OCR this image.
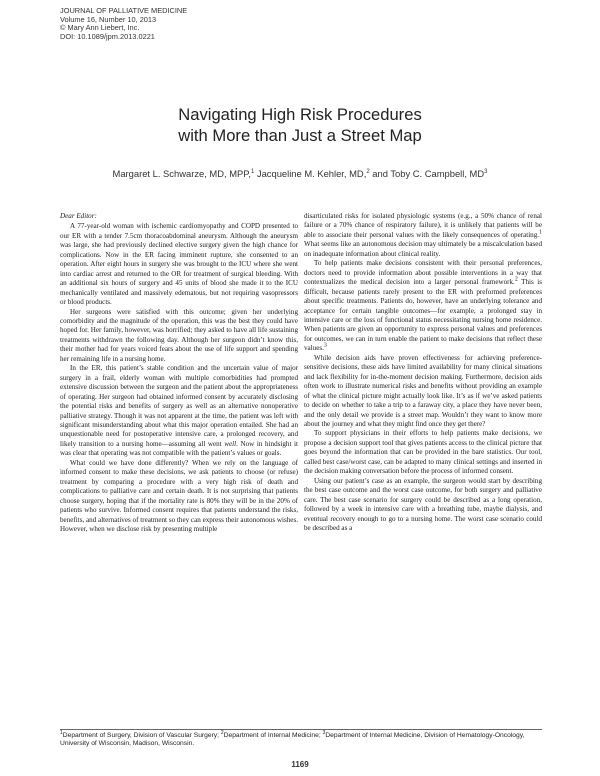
JOURNAL OF PALLIATIVE MEDICINE
Volume 16, Number 10, 2013
© Mary Ann Liebert, Inc.
DOI: 10.1089/jpm.2013.0221
Navigating High Risk Procedures
with More than Just a Street Map
Margaret L. Schwarze, MD, MPP,$^1$ Jacqueline M. Kehler, MD,$^2$ and Toby C. Campbell, $MD^3$

Dear Editor:

A 77-year-old woman with ischemic cardiomyopathy and COPD presented to our ER with a tender 7.5cm thoracoabdominal aneurysm. Although the aneurysm was large, she had previously declined elective surgery given the high chance for complications. Now in the ER facing imminent rupture, she consented to an operation. After eight hours in surgery she was brought to the ICU where she went into cardiac arrest and returned to the OR for treatment of surgical bleeding. With an additional six hours of surgery and 45 units of blood she made it to the ICU mechanically ventilated and massively edematous, but not requiring vasopressors or blood products.

Her surgeons were satisfied with this outcome; given her underlying comorbidity and the magnitude of the operation, this was the best they could have hoped for. Her family, however, was horrified; they asked to have all life sustaining treatments withdrawn the following day. Although her surgeon didn’t know this, their mother had for years voiced fears about the use of life support and spending her remaining life in a nursing home.

In the ER, this patient’s stable condition and the uncertain value of major surgery in a frail, elderly woman with multiple comorbidities had prompted extensive discussion between the surgeon and the patient about the appropriateness of operating. Her surgeon had obtained informed consent by accurately disclosing the potential risks and benefits of surgery as well as an alternative nonoperative palliative strategy. Though it was not apparent at the time, the patient was left with significant misunderstanding about what this major operation entailed. She had an unquestionable need for postoperative intensive care, a prolonged recovery, and likely transition to a nursing home—assuming all went well. Now in hindsight it was clear that operating was not compatible with the patient’s values or goals.

What could we have done differently? When we rely on the language of informed consent to make these decisions, we ask patients to choose (or refuse) treatment by comparing a procedure with a very high risk of death and complications to palliative care and certain death. It is not surprising that patients choose surgery, hoping that if the mortality rate is 80% they will be in the 20% of patients who survive. Informed consent requires that patients understand the risks, benefits, and alternatives of treatment so they can express their autonomous wishes. However, when we disclose risk by presenting multiple

disarticulated risks for isolated physiologic systems (e.g., a 50% chance of renal failure or a 70% chance of respiratory failure), it is unlikely that patients will be able to associate their personal values with the likely consequences of operating.$^1$ What seems like an autonomous decision may ultimately be a miscalculation based on inadequate information about clinical reality.

To help patients make decisions consistent with their personal preferences, doctors need to provide information about possible interventions in a way that contextualizes the medical decision into a larger personal framework.$^2$ This is difficult, because patients rarely present to the ER with preformed preferences about specific treatments. Patients do, however, have an underlying tolerance and acceptance for certain tangible outcomes—for example, a prolonged stay in intensive care or the loss of functional status necessitating nursing home residence. When patients are given an opportunity to express personal values and preferences for outcomes, we can in turn enable the patient to make decisions that reflect these values.$^3$

While decision aids have proven effectiveness for achieving preference-sensitive decisions, these aids have limited availability for many clinical situations and lack flexibility for in-the-moment decision making. Furthermore, decision aids often work to illustrate numerical risks and benefits without providing an example of what the clinical picture might actually look like. It’s as if we’ve asked patients to decide on whether to take a trip to a faraway city, a place they have never been, and the only detail we provide is a street map. Wouldn’t they want to know more about the journey and what they might find once they get there?

To support physicians in their efforts to help patients make decisions, we propose a decision support tool that gives patients access to the clinical picture that goes beyond the information that can be provided in the bare statistics. Our tool, called best case/worst case, can be adapted to many clinical settings and inserted in the decision making conversation before the process of informed consent.

Using our patient’s case as an example, the surgeon would start by describing the best case outcome and the worst case outcome, for both surgery and palliative care. The best case scenario for surgery could be described as a long operation, followed by a week in intensive care with a breathing tube, maybe dialysis, and eventual recovery enough to go to a nursing home. The worst case scenario could be described as a

$^1$Department of Surgery, Division of Vascular Surgery; $^2$Department of Internal Medicine; $^3$Department of Internal Medicine, Division of Hematology-Oncology, University of Wisconsin, Madison, Wisconsin.
1169
